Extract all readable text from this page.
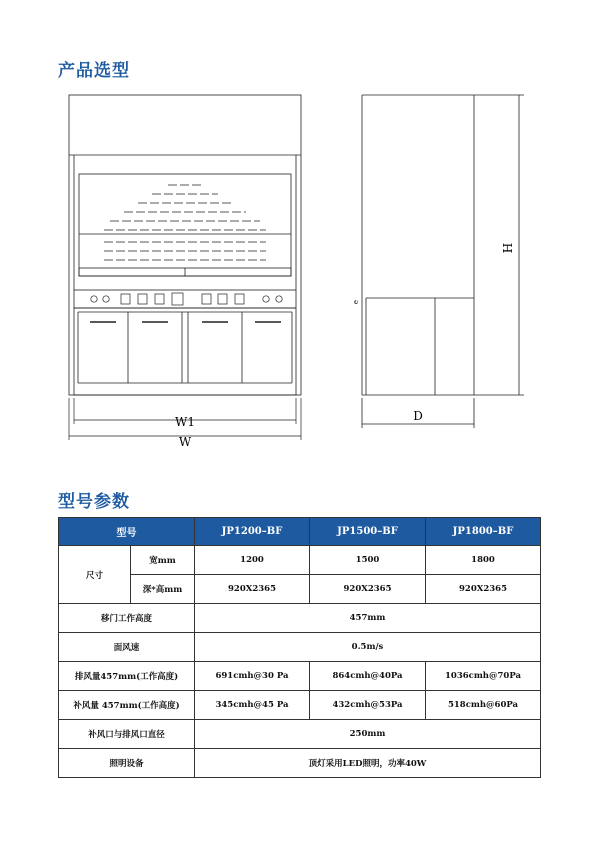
产品选型
W1
W
H
D
e
型号参数
型号		JP1200–BF	JP1500–BF	JP1800–BF
尺寸	宽mm	1200	1500	1800
	深*高mm	920X2365	920X2365	920X2365
移门工作高度		457mm		
面风速		0.5m/s		
排风量457mm(工作高度)		691cmh@30 Pa	864cmh@40Pa	1036cmh@70Pa
补风量 457mm(工作高度)		345cmh@45 Pa	432cmh@53Pa	518cmh@60Pa
补风口与排风口直径		250mm		
照明设备		顶灯采用LED照明，功率40W		
